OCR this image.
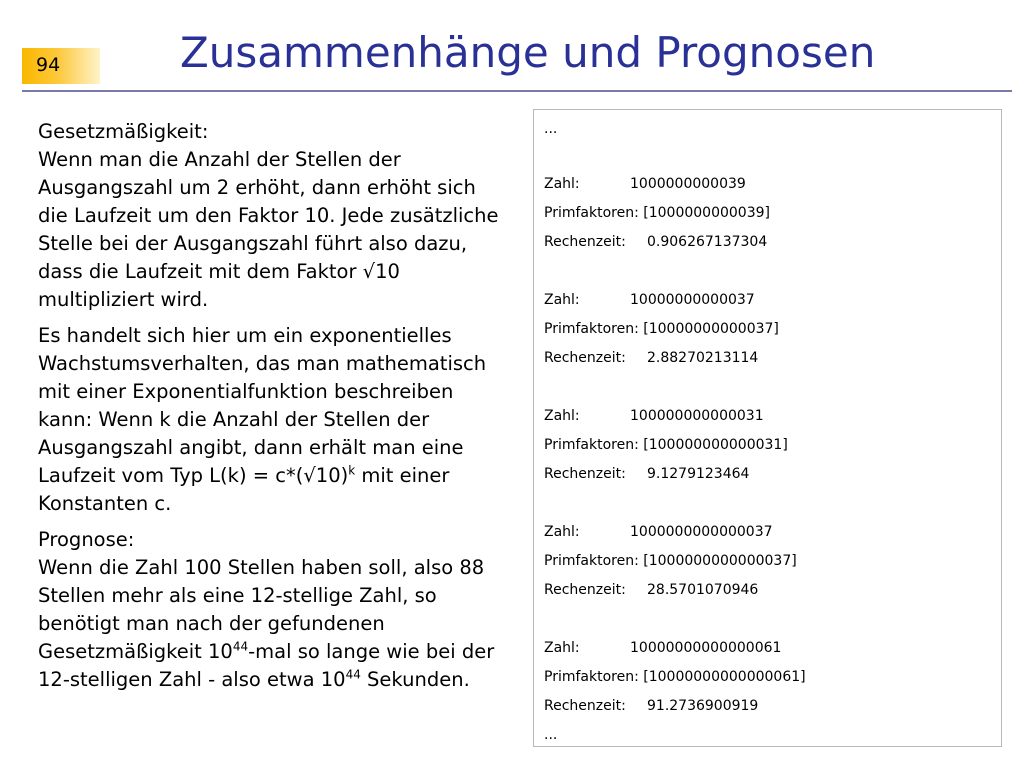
94	Zusammenhänge und Prognosen

Gesetzmäßigkeit:
Wenn man die Anzahl der Stellen der Ausgangszahl um 2 erhöht, dann erhöht sich die Laufzeit um den Faktor 10. Jede zusätzliche Stelle bei der Ausgangszahl führt also dazu, dass die Laufzeit mit dem Faktor √10 multipliziert wird.

Es handelt sich hier um ein exponentielles Wachstumsverhalten, das man mathematisch mit einer Exponentialfunktion beschreiben kann: Wenn k die Anzahl der Stellen der Ausgangszahl angibt, dann erhält man eine Laufzeit vom Typ $L(k) = c*(√10)^k$ mit einer Konstanten c.

Prognose:
Wenn die Zahl 100 Stellen haben soll, also 88 Stellen mehr als eine 12-stellige Zahl, so benötigt man nach der gefundenen Gesetzmäßigkeit $10^{44}$-mal so lange wie bei der 12-stelligen Zahl - also etwa $10^{44}$ Sekunden.

...
Zahl:	1000000000039
Primfaktoren: [1000000000039]
Rechenzeit: 0.906267137304
Zahl:	10000000000037
Primfaktoren: [10000000000037]
Rechenzeit: 2.88270213114
Zahl:	100000000000031
Primfaktoren: [100000000000031]
Rechenzeit: 9.1279123464
Zahl:	1000000000000037
Primfaktoren: [1000000000000037]
Rechenzeit: 28.5701070946
Zahl:	10000000000000061
Primfaktoren: [10000000000000061]
Rechenzeit: 91.2736900919
...
